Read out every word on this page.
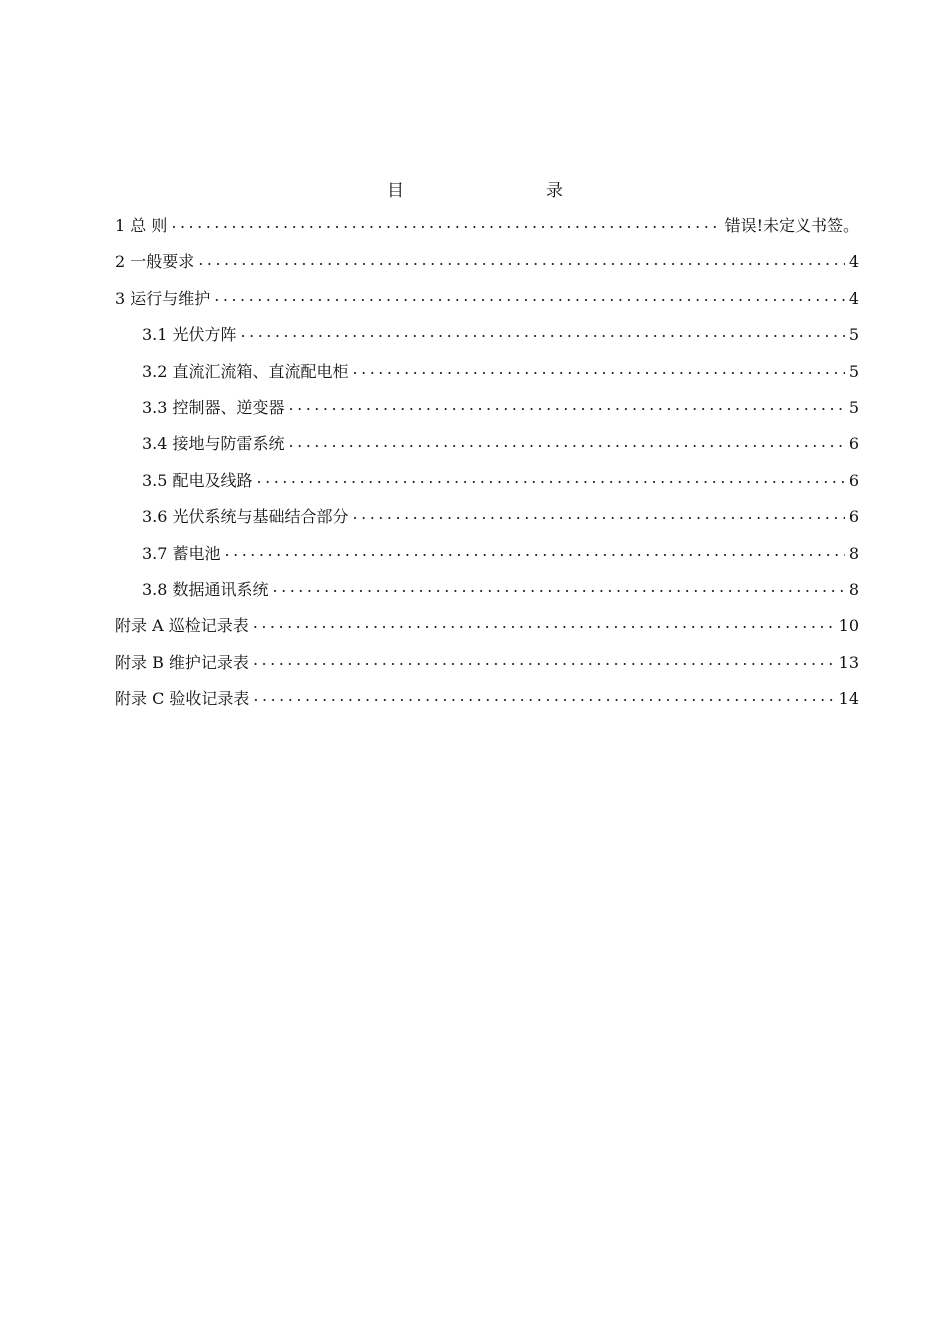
目　　录
1 总 则 .....	错误!未定义书签。
2 一般要求 .....	4
3 运行与维护 .....	4
3.1 光伏方阵 .....	5
3.2 直流汇流箱、直流配电柜 .....	5
3.3 控制器、逆变器 .....	5
3.4 接地与防雷系统 .....	6
3.5 配电及线路 .....	6
3.6 光伏系统与基础结合部分 .....	6
3.7 蓄电池 .....	8
3.8 数据通讯系统 .....	8
附录 A 巡检记录表 .....	10
附录 B 维护记录表 .....	13
附录 C 验收记录表 .....	14
